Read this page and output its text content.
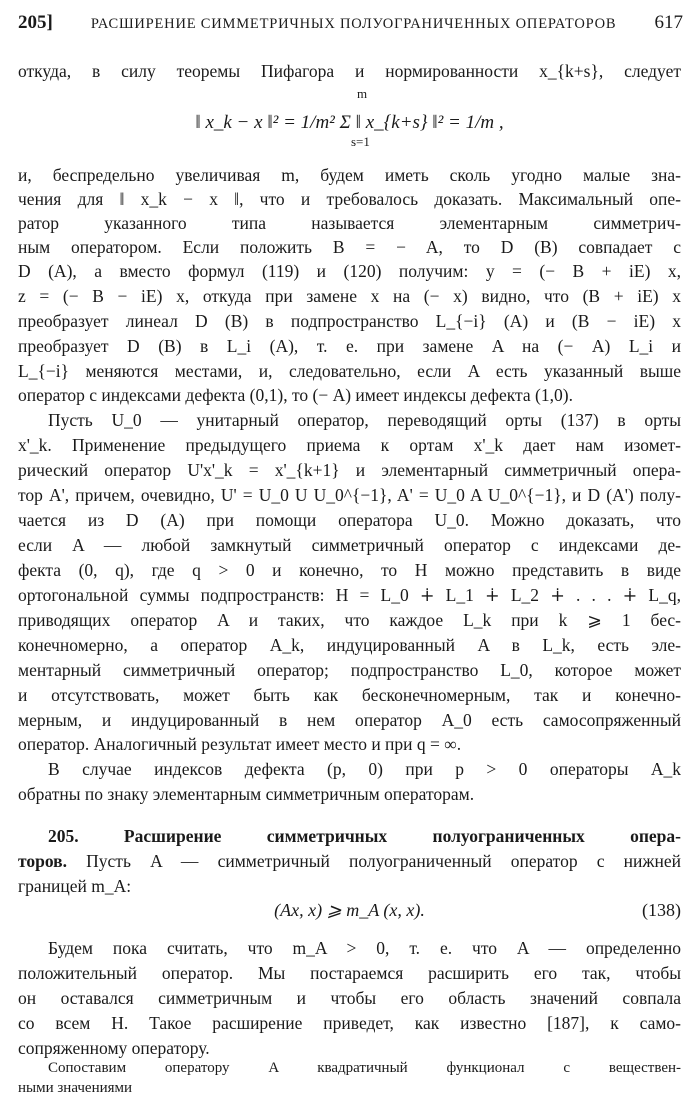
205]	РАСШИРЕНИЕ СИММЕТРИЧНЫХ ПОЛУОГРАНИЧЕННЫХ ОПЕРАТОРОВ 617
откуда, в силу теоремы Пифагора и нормированности x_{k+s}, следует
m
‖ x_k − x ‖² = 1/m² Σ ‖ x_{k+s} ‖² = 1/m ,
s=1
и, беспредельно увеличивая m, будем иметь сколь угодно малые зна-
чения для ‖ x_k − x ‖, что и требовалось доказать. Максимальный опе-
ратор указанного типа называется элементарным симметрич-
ным оператором. Если положить B = − A, то D (B) совпадает с
D (A), а вместо формул (119) и (120) получим: y = (− B + iE) x,
z = (− B − iE) x, откуда при замене x на (− x) видно, что (B + iE) x
преобразует линеал D (B) в подпространство L_{−i} (A) и (B − iE) x
преобразует D (B) в L_i (A), т. е. при замене A на (− A) L_i и
L_{−i} меняются местами, и, следовательно, если A есть указанный выше
оператор с индексами дефекта (0,1), то (− A) имеет индексы дефекта (1,0).
Пусть U_0 — унитарный оператор, переводящий орты (137) в орты
x'_k. Применение предыдущего приема к ортам x'_k дает нам изомет-
рический оператор U'x'_k = x'_{k+1} и элементарный симметричный опера-
тор A', причем, очевидно, U' = U_0 U U_0^{−1}, A' = U_0 A U_0^{−1}, и D (A') полу-
чается из D (A) при помощи оператора U_0. Можно доказать, что
если A — любой замкнутый симметричный оператор с индексами де-
фекта (0, q), где q > 0 и конечно, то H можно представить в виде
ортогональной суммы подпространств: H = L_0 ∔ L_1 ∔ L_2 ∔ . . . ∔ L_q,
приводящих оператор A и таких, что каждое L_k при k ⩾ 1 бес-
конечномерно, а оператор A_k, индуцированный A в L_k, есть эле-
ментарный симметричный оператор; подпространство L_0, которое может
и отсутствовать, может быть как бесконечномерным, так и конечно-
мерным, и индуцированный в нем оператор A_0 есть самосопряженный
оператор. Аналогичный результат имеет место и при q = ∞.
В случае индексов дефекта (p, 0) при p > 0 операторы A_k
обратны по знаку элементарным симметричным операторам.
205. Расширение симметричных полуограниченных опера-
торов. Пусть A — симметричный полуограниченный оператор с нижней
границей m_A:
(Ax, x) ⩾ m_A (x, x).	(138)
Будем пока считать, что m_A > 0, т. е. что A — определенно
положительный оператор. Мы постараемся расширить его так, чтобы
он оставался симметричным и чтобы его область значений совпала
со всем H. Такое расширение приведет, как известно [187], к само-
сопряженному оператору.
Сопоставим оператору A квадратичный функционал с веществен-
ными значениями
